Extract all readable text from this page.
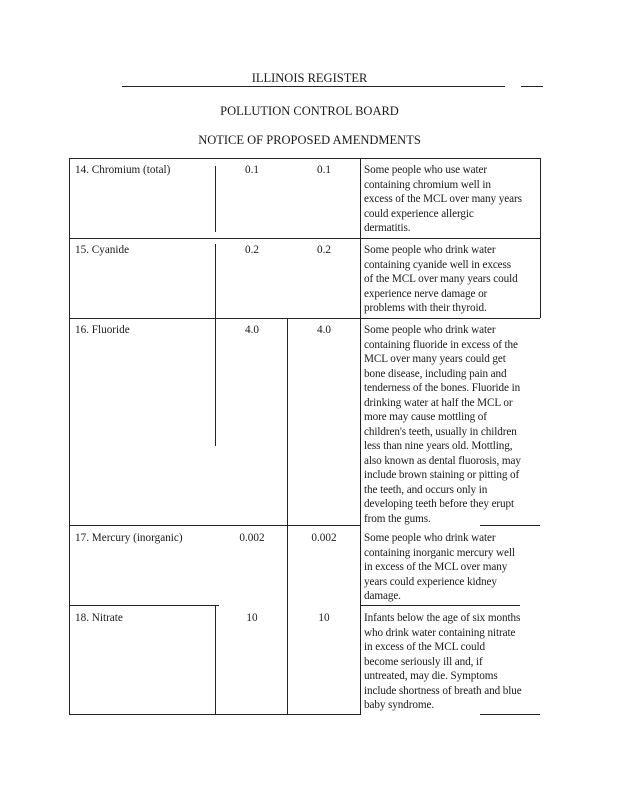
ILLINOIS REGISTER
POLLUTION CONTROL BOARD
NOTICE OF PROPOSED AMENDMENTS
14. Chromium (total)	0.1	0.1	Some people who use water
containing chromium well in
excess of the MCL over many years
could experience allergic
dermatitis.
15. Cyanide	0.2	0.2	Some people who drink water
containing cyanide well in excess
of the MCL over many years could
experience nerve damage or
problems with their thyroid.
16. Fluoride	4.0	4.0	Some people who drink water
containing fluoride in excess of the
MCL over many years could get
bone disease, including pain and
tenderness of the bones. Fluoride in
drinking water at half the MCL or
more may cause mottling of
children's teeth, usually in children
less than nine years old. Mottling,
also known as dental fluorosis, may
include brown staining or pitting of
the teeth, and occurs only in
developing teeth before they erupt
from the gums.
17. Mercury (inorganic)	0.002	0.002	Some people who drink water
containing inorganic mercury well
in excess of the MCL over many
years could experience kidney
damage.
18. Nitrate	10	10	Infants below the age of six months
who drink water containing nitrate
in excess of the MCL could
become seriously ill and, if
untreated, may die. Symptoms
include shortness of breath and blue
baby syndrome.
